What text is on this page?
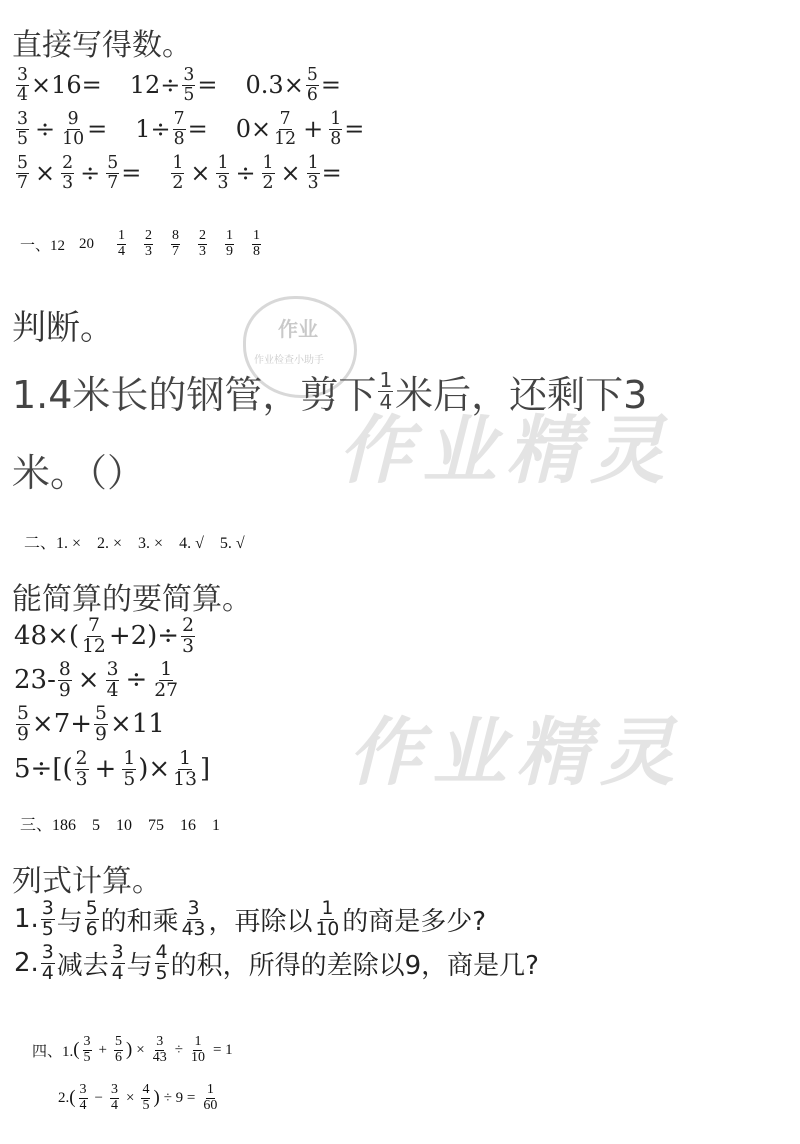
作业
作业检查小助手
作业精灵
作业精灵
直接写得数。
$\frac{3}{4} \times 16= 12\div \frac{3}{5} = 0.3\times \frac{5}{6}$ =
$\frac{3}{5} \div \frac{9}{10} = 1\div \frac{7}{8} = 0\times \frac{7}{12} + \frac{1}{8}$ =
$\frac{5}{7} \times \frac{2}{3} \div \frac{5}{7} = \frac{1}{2} \times \frac{1}{3} \div \frac{1}{2} \times \frac{1}{3}$ =
一、12 $20 \frac{1}{4} \frac{2}{3} \frac{8}{7} \frac{2}{3} \frac{1}{9} \frac{1}{8}$
判断。
1.4米长的钢管，剪下 $\frac{1}{4}$ 米后，还剩下3
米。（）
二、1. ×　2. ×　3. ×　4. √　5. √
能简算的要简算。
$48\times( \frac{7}{12} +2)\div \frac{2}{3}$
$23- \frac{8}{9} \times \frac{3}{4} \div \frac{1}{27}$
$\frac{5}{9} \times 7+ \frac{5}{9} \times 11$
$5\div[( \frac{2}{3} + \frac{1}{5}$ )× $\frac{1}{13}$ ]
三、186　5　10　75　16　1
列式计算。
1. $\frac{3}{5}$ 与 $\frac{5}{6}$ 的和乘 $\frac{3}{43}$ ，再除以 $\frac{1}{10}$ 的商是多少?
2. $\frac{3}{4}$ 减去 $\frac{3}{4}$ 与 $\frac{4}{5}$ 的积，所得的差除以9，商是几?
四、1. ( $\frac{3}{5} + \frac{5}{6}$ ) × $\frac{3}{43} \div \frac{1}{10} = 1$
2. ( $\frac{3}{4} - \frac{3}{4} \times \frac{4}{5}$ ) ÷ $9 = \frac{1}{60}$
